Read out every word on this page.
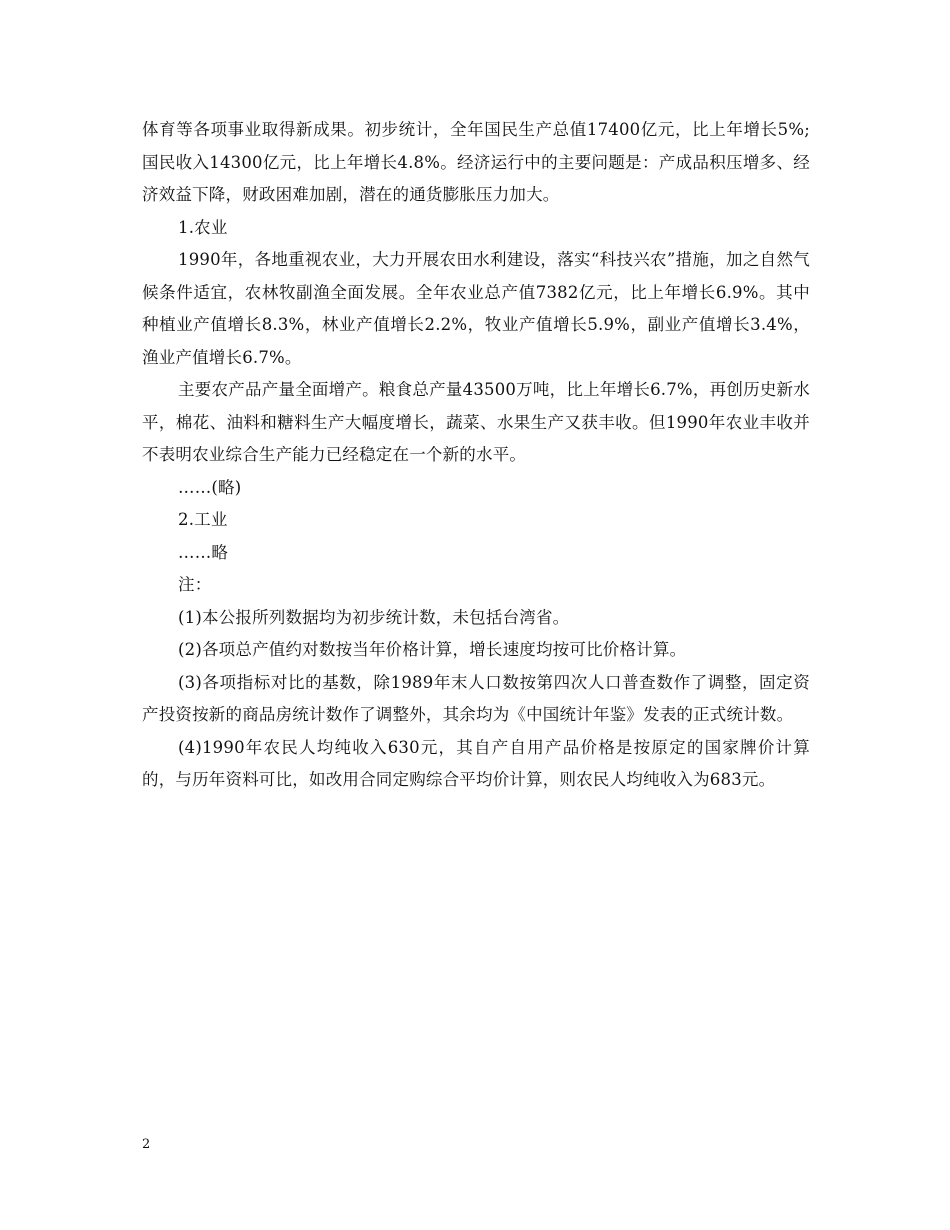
体育等各项事业取得新成果。初步统计，全年国民生产总值17400亿元，比上年增长5%;国民收入14300亿元，比上年增长4.8%。经济运行中的主要问题是：产成品积压增多、经济效益下降，财政困难加剧，潜在的通货膨胀压力加大。

1.农业

1990年，各地重视农业，大力开展农田水利建设，落实“科技兴农”措施，加之自然气候条件适宜，农林牧副渔全面发展。全年农业总产值7382亿元，比上年增长6.9%。其中种植业产值增长8.3%，林业产值增长2.2%，牧业产值增长5.9%，副业产值增长3.4%，渔业产值增长6.7%。

主要农产品产量全面增产。粮食总产量43500万吨，比上年增长6.7%，再创历史新水平，棉花、油料和糖料生产大幅度增长，蔬菜、水果生产又获丰收。但1990年农业丰收并不表明农业综合生产能力已经稳定在一个新的水平。

……(略)

2.工业

……略

注：

(1)本公报所列数据均为初步统计数，未包括台湾省。

(2)各项总产值约对数按当年价格计算，增长速度均按可比价格计算。

(3)各项指标对比的基数，除1989年末人口数按第四次人口普查数作了调整，固定资产投资按新的商品房统计数作了调整外，其余均为《中国统计年鉴》发表的正式统计数。

(4)1990年农民人均纯收入630元，其自产自用产品价格是按原定的国家牌价计算的，与历年资料可比，如改用合同定购综合平均价计算，则农民人均纯收入为683元。

2
